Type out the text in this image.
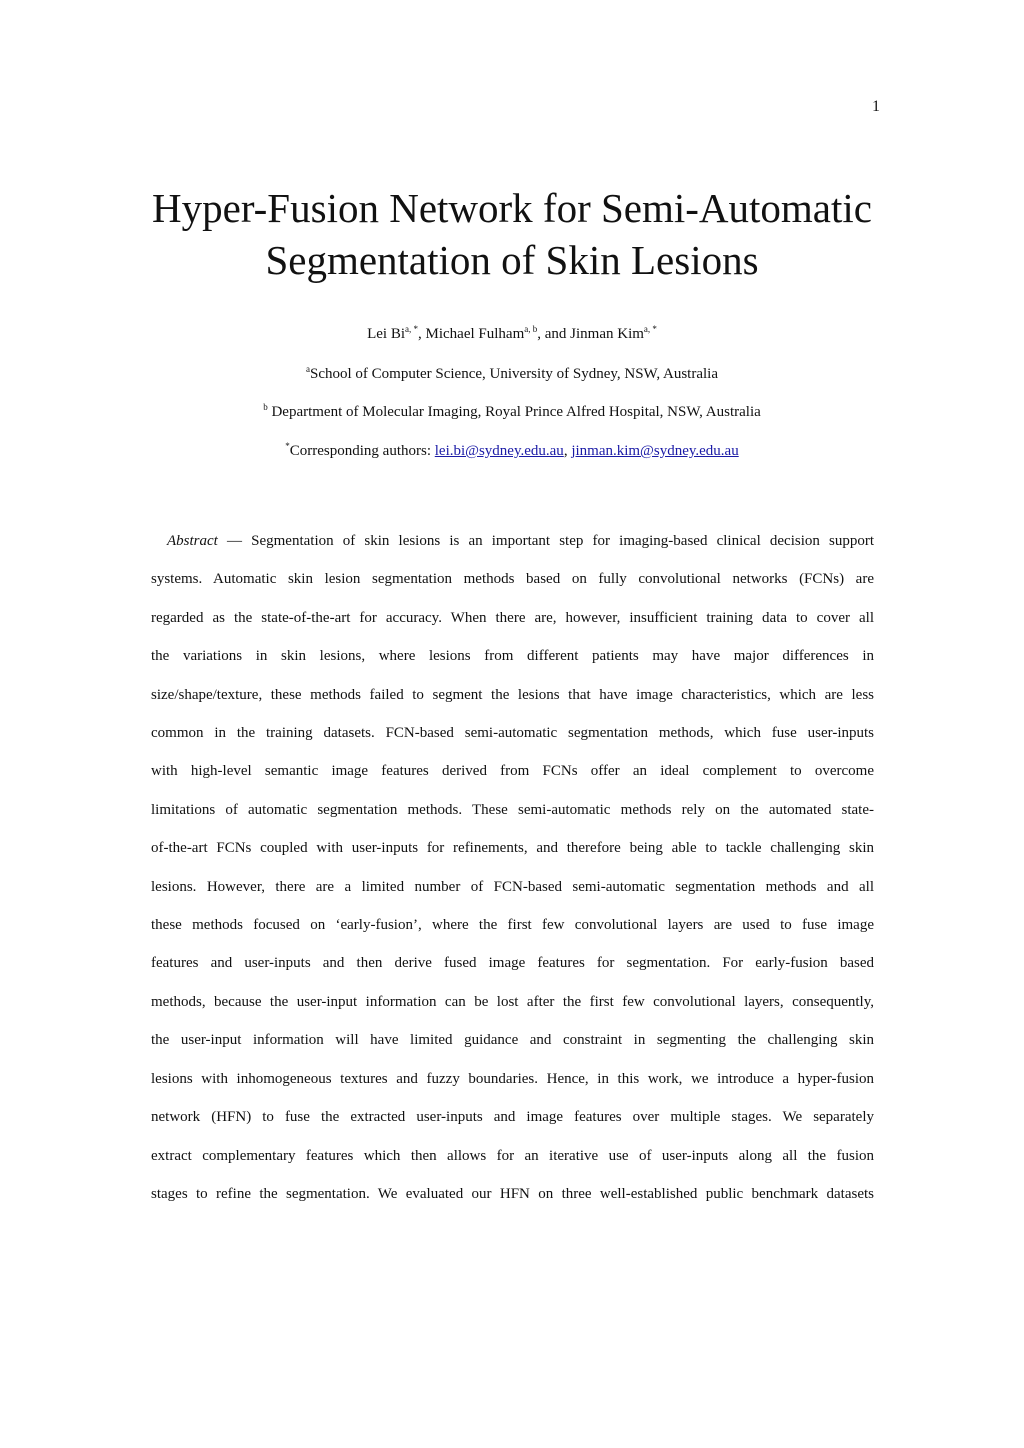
1
Hyper-Fusion Network for Semi-Automatic
Segmentation of Skin Lesions
Lei $Bi^{a, *}$, Michael Fulham$^{a, b}$, and Jinman Kim$^{a, *}$
$^a$School of Computer Science, University of Sydney, NSW, Australia
$^b$ Department of Molecular Imaging, Royal Prince Alfred Hospital, NSW, Australia
*Corresponding authors: lei.bi@sydney.edu.au, jinman.kim@sydney.edu.au
Abstract — Segmentation of skin lesions is an important step for imaging-based clinical decision support
systems. Automatic skin lesion segmentation methods based on fully convolutional networks (FCNs) are
regarded as the state-of-the-art for accuracy. When there are, however, insufficient training data to cover all
the variations in skin lesions, where lesions from different patients may have major differences in
size/shape/texture, these methods failed to segment the lesions that have image characteristics, which are less
common in the training datasets. FCN-based semi-automatic segmentation methods, which fuse user-inputs
with high-level semantic image features derived from FCNs offer an ideal complement to overcome
limitations of automatic segmentation methods. These semi-automatic methods rely on the automated state-
of-the-art FCNs coupled with user-inputs for refinements, and therefore being able to tackle challenging skin
lesions. However, there are a limited number of FCN-based semi-automatic segmentation methods and all
these methods focused on ‘early-fusion’, where the first few convolutional layers are used to fuse image
features and user-inputs and then derive fused image features for segmentation. For early-fusion based
methods, because the user-input information can be lost after the first few convolutional layers, consequently,
the user-input information will have limited guidance and constraint in segmenting the challenging skin
lesions with inhomogeneous textures and fuzzy boundaries. Hence, in this work, we introduce a hyper-fusion
network (HFN) to fuse the extracted user-inputs and image features over multiple stages. We separately
extract complementary features which then allows for an iterative use of user-inputs along all the fusion
stages to refine the segmentation. We evaluated our HFN on three well-established public benchmark datasets
